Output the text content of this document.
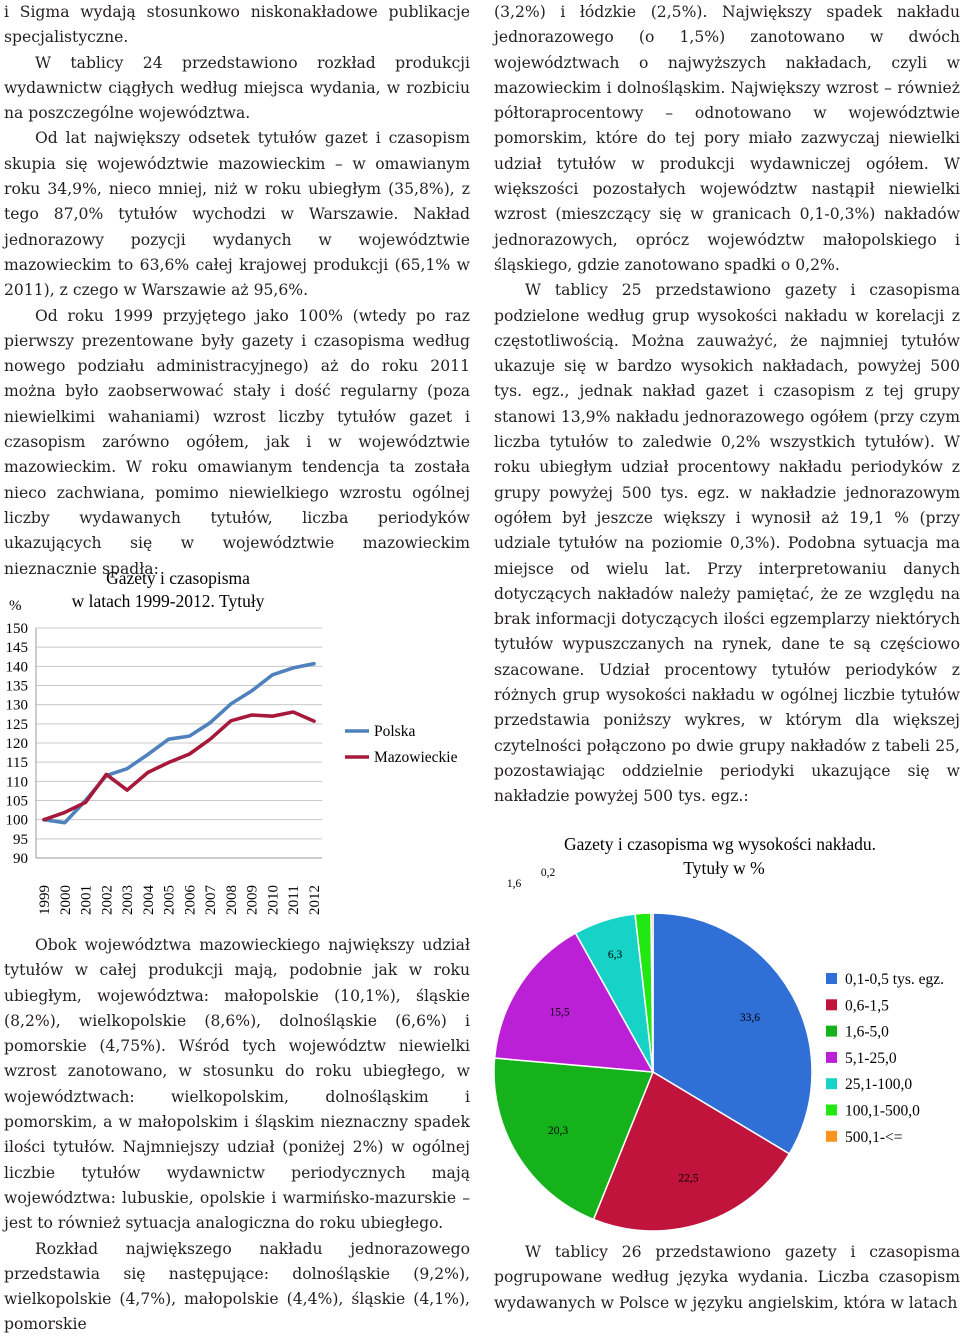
i Sigma wydają stosunkowo niskonakładowe publikacje specjalistyczne.

W tablicy 24 przedstawiono rozkład produkcji wydawnictw ciągłych według miejsca wydania, w rozbiciu na poszczególne województwa.

Od lat największy odsetek tytułów gazet i czasopism skupia się województwie mazowieckim – w omawianym roku 34,9%, nieco mniej, niż w roku ubiegłym (35,8%), z tego 87,0% tytułów wychodzi w Warszawie. Nakład jednorazowy pozycji wydanych w województwie mazowieckim to 63,6% całej krajowej produkcji (65,1% w 2011), z czego w Warszawie aż 95,6%.

Od roku 1999 przyjętego jako 100% (wtedy po raz pierwszy prezentowane były gazety i czasopisma według nowego podziału administracyjnego) aż do roku 2011 można było zaobserwować stały i dość regularny (poza niewielkimi wahaniami) wzrost liczby tytułów gazet i czasopism zarówno ogółem, jak i w województwie mazowieckim. W roku omawianym tendencja ta została nieco zachwiana, pomimo niewielkiego wzrostu ogólnej liczby wydawanych tytułów, liczba periodyków ukazujących się w województwie mazowieckim nieznacznie spadła:

Obok województwa mazowieckiego największy udział tytułów w całej produkcji mają, podobnie jak w roku ubiegłym, województwa: małopolskie (10,1%), śląskie (8,2%), wielkopolskie (8,6%), dolnośląskie (6,6%) i pomorskie (4,75%). Wśród tych województw niewielki wzrost zanotowano, w stosunku do roku ubiegłego, w województwach: wielkopolskim, dolnośląskim i pomorskim, a w małopolskim i śląskim nieznaczny spadek ilości tytułów. Najmniejszy udział (poniżej 2%) w ogólnej liczbie tytułów wydawnictw periodycznych mają województwa: lubuskie, opolskie i warmińsko-mazurskie – jest to również sytuacja analogiczna do roku ubiegłego.

Rozkład największego nakładu jednorazowego przedstawia się następujące: dolnośląskie (9,2%), wielkopolskie (4,7%), małopolskie (4,4%), śląskie (4,1%), pomorskie

(3,2%) i łódzkie (2,5%). Największy spadek nakładu jednorazowego (o 1,5%) zanotowano w dwóch województwach o najwyższych nakładach, czyli w mazowieckim i dolnośląskim. Największy wzrost – również półtoraprocentowy – odnotowano w województwie pomorskim, które do tej pory miało zazwyczaj niewielki udział tytułów w produkcji wydawniczej ogółem. W większości pozostałych województw nastąpił niewielki wzrost (mieszczący się w granicach 0,1-0,3%) nakładów jednorazowych, oprócz województw małopolskiego i śląskiego, gdzie zanotowano spadki o 0,2%.

W tablicy 25 przedstawiono gazety i czasopisma podzielone według grup wysokości nakładu w korelacji z częstotliwością. Można zauważyć, że najmniej tytułów ukazuje się w bardzo wysokich nakładach, powyżej 500 tys. egz., jednak nakład gazet i czasopism z tej grupy stanowi 13,9% nakładu jednorazowego ogółem (przy czym liczba tytułów to zaledwie 0,2% wszystkich tytułów). W roku ubiegłym udział procentowy nakładu periodyków z grupy powyżej 500 tys. egz. w nakładzie jednorazowym ogółem był jeszcze większy i wynosił aż 19,1 % (przy udziale tytułów na poziomie 0,3%). Podobna sytuacja ma miejsce od wielu lat. Przy interpretowaniu danych dotyczących nakładów należy pamiętać, że ze względu na brak informacji dotyczących ilości egzemplarzy niektórych tytułów wypuszczanych na rynek, dane te są częściowo szacowane. Udział procentowy tytułów periodyków z różnych grup wysokości nakładu w ogólnej liczbie tytułów przedstawia poniższy wykres, w którym dla większej czytelności połączono po dwie grupy nakładów z tabeli 25, pozostawiając oddzielnie periodyki ukazujące się w nakładzie powyżej 500 tys. egz.:

W tablicy 26 przedstawiono gazety i czasopisma pogrupowane według języka wydania. Liczba czasopism wydawanych w Polsce w języku angielskim, która w latach

Gazety i czasopisma
w latach 1999-2012. Tytuły
%
150
145
140
135
130
125
120
115
110
105
100
95
90
1999 2000 2001 2002 2003 2004 2005 2006 2007 2008 2009 2010 2011 2012
Polska
Mazowieckie
Gazety i czasopisma wg wysokości nakładu.
Tytuły w %
33,6
22,5
20,3
15,5
6,3
1,6
0,2
0,1-0,5 tys. egz.
0,6-1,5
1,6-5,0
5,1-25,0
25,1-100,0
100,1-500,0
500,1-<=
